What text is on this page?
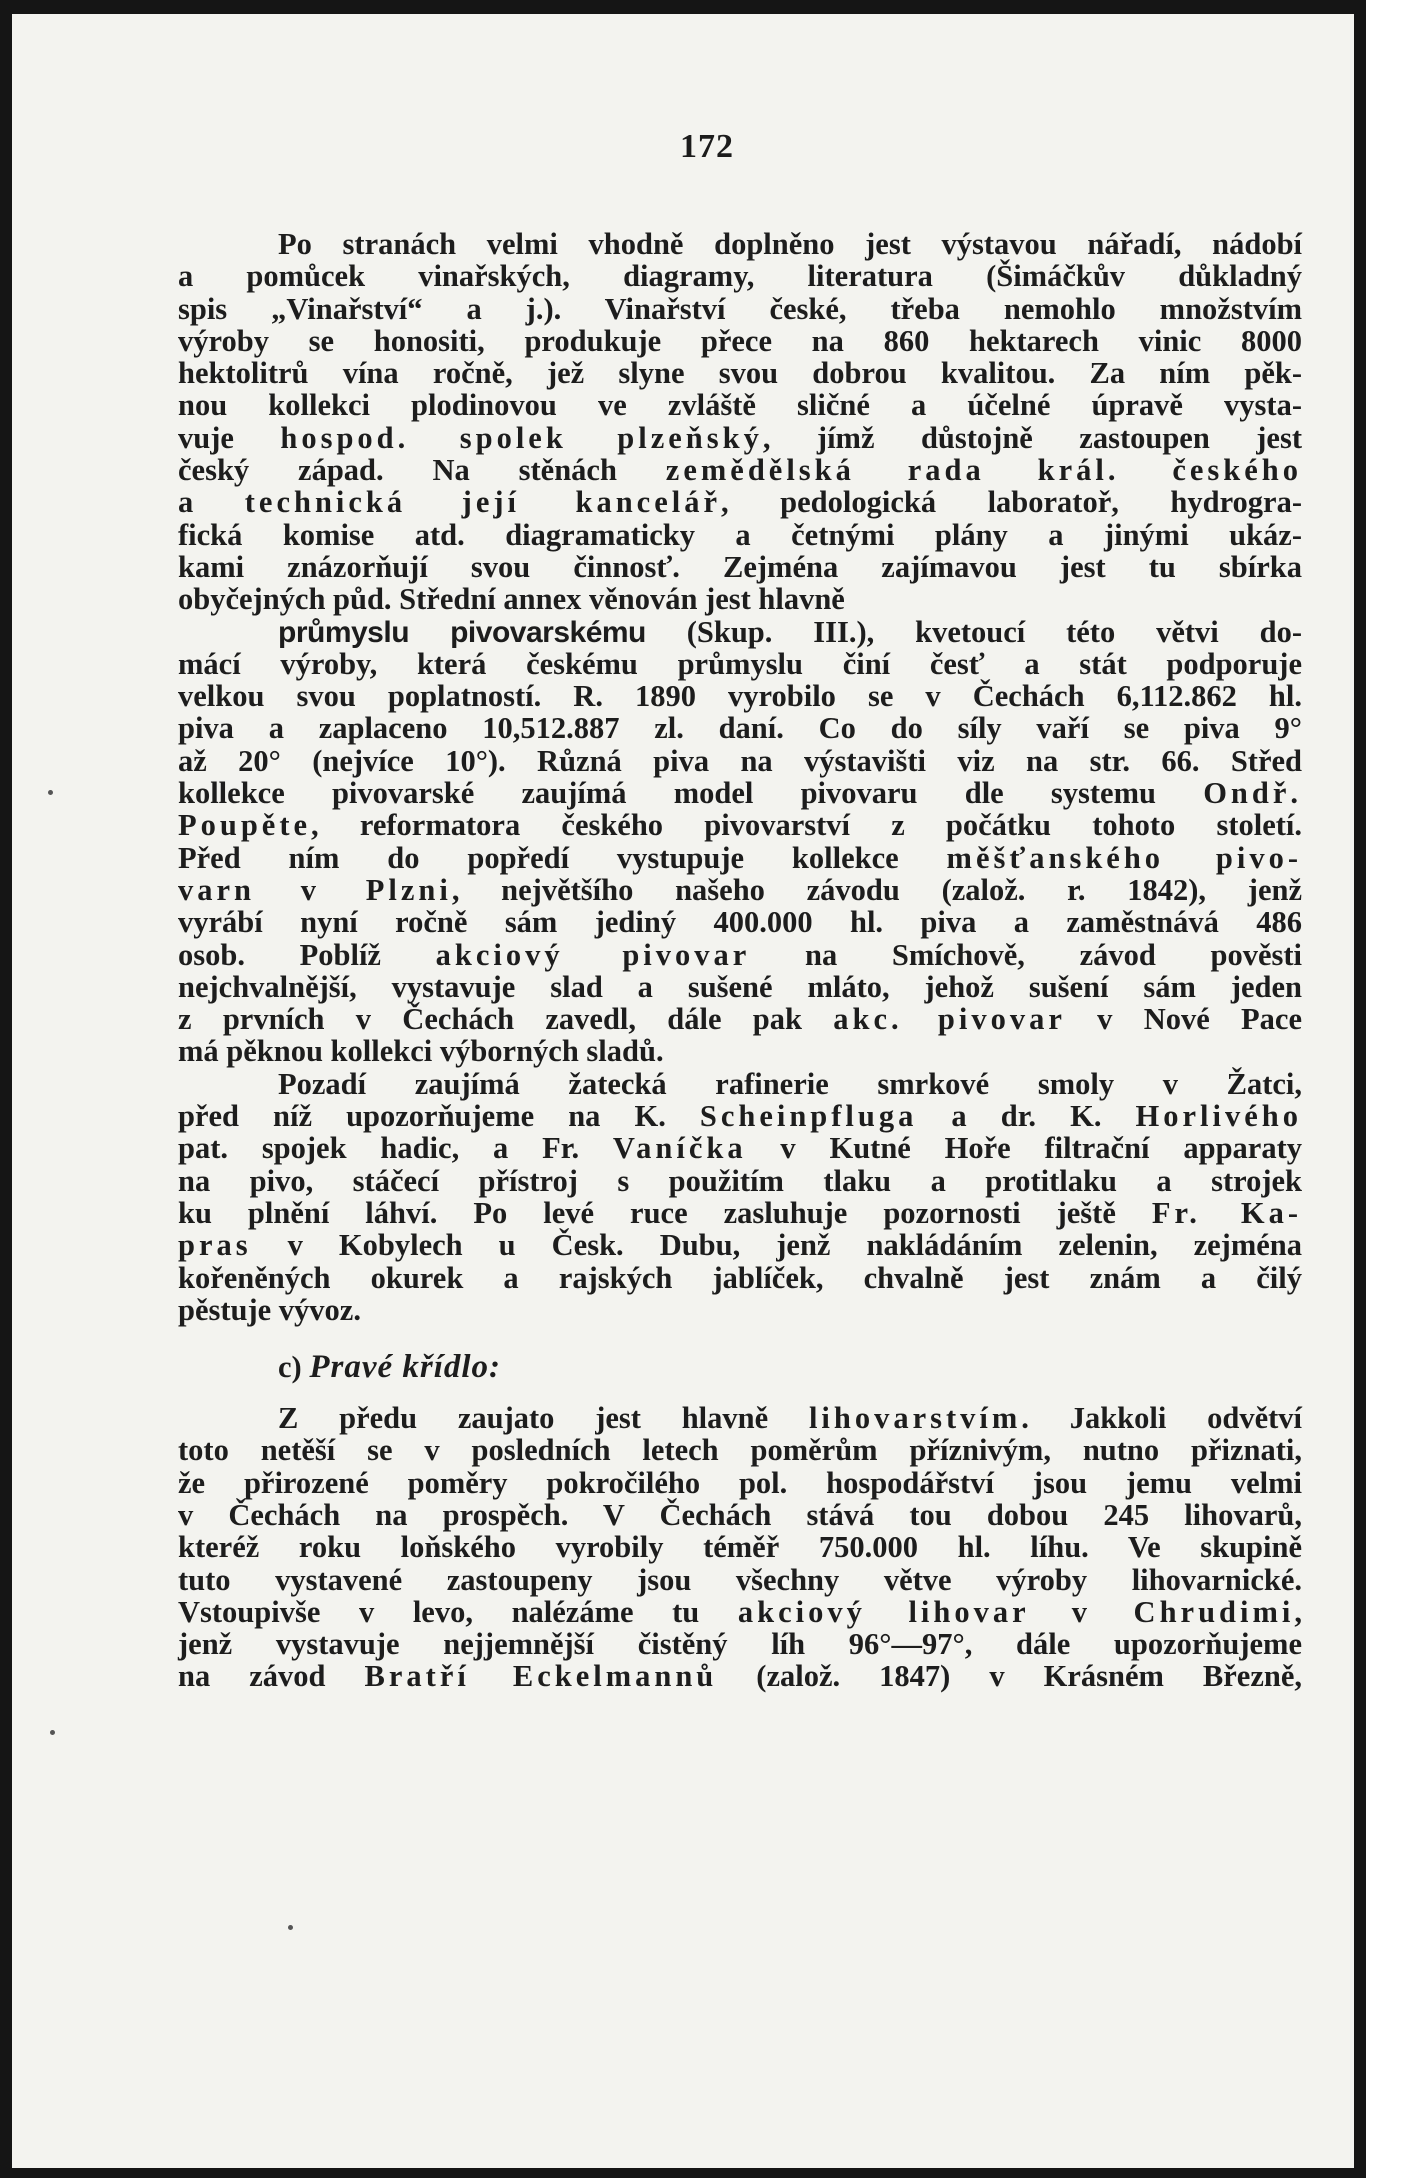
172
Po stranách velmi vhodně doplněno jest výstavou nářadí, nádobí
a pomůcek vinařských, diagramy, literatura (Šimáčkův důkladný
spis „Vinařství“ a j.). Vinařství české, třeba nemohlo množstvím
výroby se honositi, produkuje přece na 860 hektarech vinic 8000
hektolitrů vína ročně, jež slyne svou dobrou kvalitou. Za ním pěk-
nou kollekci plodinovou ve zvláště sličné a účelné úpravě vysta-
vuje hospod. spolek plzeňský, jímž důstojně zastoupen jest
český západ. Na stěnách zemědělská rada král. českého
a technická její kancelář, pedologická laboratoř, hydrogra-
fická komise atd. diagramaticky a četnými plány a jinými ukáz-
kami znázorňují svou činnosť. Zejména zajímavou jest tu sbírka
obyčejných půd. Střední annex věnován jest hlavně
průmyslu pivovarskému (Skup. III.), kvetoucí této větvi do-
mácí výroby, která českému průmyslu činí česť a stát podporuje
velkou svou poplatností. R. 1890 vyrobilo se v Čechách 6,112.862 hl.
piva a zaplaceno 10,512.887 zl. daní. Co do síly vaří se piva 9°
až 20° (nejvíce 10°). Různá piva na výstavišti viz na str. 66. Střed
kollekce pivovarské zaujímá model pivovaru dle systemu Ondř.
Poupěte, reformatora českého pivovarství z počátku tohoto století.
Před ním do popředí vystupuje kollekce měšťanského pivo-
varn v Plzni, největšího našeho závodu (založ. r. 1842), jenž
vyrábí nyní ročně sám jediný 400.000 hl. piva a zaměstnává 486
osob. Poblíž akciový pivovar na Smíchově, závod pověsti
nejchvalnější, vystavuje slad a sušené mláto, jehož sušení sám jeden
z prvních v Čechách zavedl, dále pak akc. pivovar v Nové Pace
má pěknou kollekci výborných sladů.
Pozadí zaujímá žatecká rafinerie smrkové smoly v Žatci,
před níž upozorňujeme na K. Scheinpfluga a dr. K. Horlivého
pat. spojek hadic, a Fr. Vaníčka v Kutné Hoře filtrační apparaty
na pivo, stáčecí přístroj s použitím tlaku a protitlaku a strojek
ku plnění láhví. Po levé ruce zasluhuje pozornosti ještě Fr. Ka-
pras v Kobylech u Česk. Dubu, jenž nakládáním zelenin, zejména
kořeněných okurek a rajských jablíček, chvalně jest znám a čilý
pěstuje vývoz.
c) Pravé křídlo:
Z předu zaujato jest hlavně lihovarstvím. Jakkoli odvětví
toto netěší se v posledních letech poměrům příznivým, nutno přiznati,
že přirozené poměry pokročilého pol. hospodářství jsou jemu velmi
v Čechách na prospěch. V Čechách stává tou dobou 245 lihovarů,
kteréž roku loňského vyrobily téměř 750.000 hl. líhu. Ve skupině
tuto vystavené zastoupeny jsou všechny větve výroby lihovarnické.
Vstoupivše v levo, nalézáme tu akciový lihovar v Chrudimi,
jenž vystavuje nejjemnější čistěný líh 96°—97°, dále upozorňujeme
na závod Bratří Eckelmannů (založ. 1847) v Krásném Březně,
